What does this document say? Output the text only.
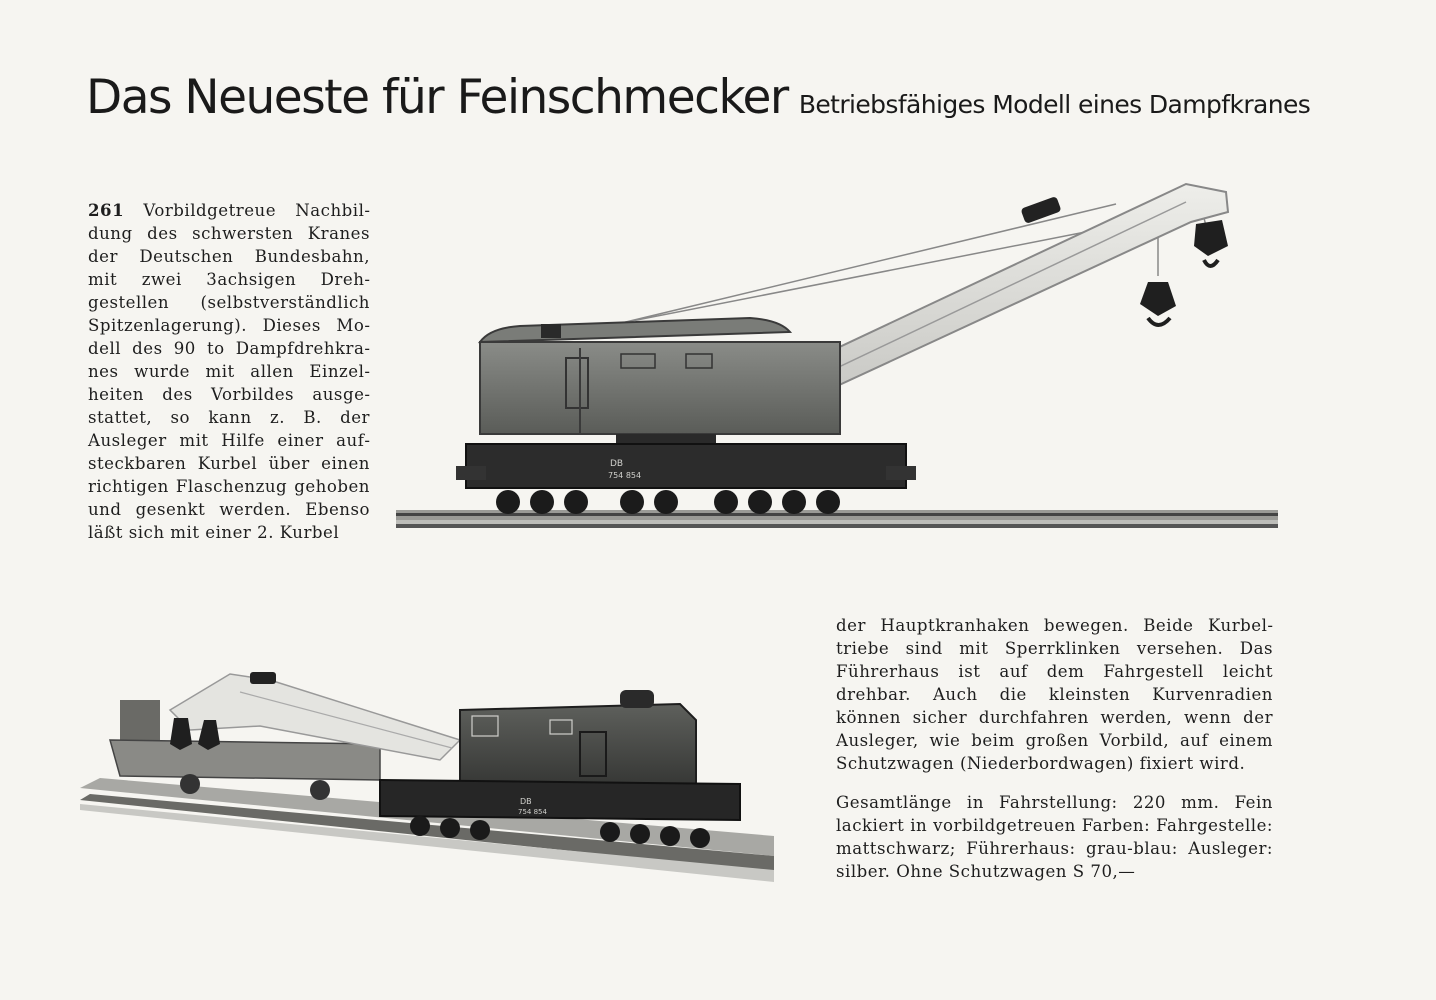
Das Neueste für Feinschmecker Betriebsfähiges Modell eines Dampfkranes

261 Vorbildgetreue Nachbildung des schwersten Kranes der Deutschen Bundesbahn, mit zwei 3achsigen Drehgestellen (selbstverständlich Spitzenlagerung). Dieses Modell des 90 to Dampfdrehkranes wurde mit allen Einzelheiten des Vorbildes ausgestattet, so kann z. B. der Ausleger mit Hilfe einer aufsteckbaren Kurbel über einen richtigen Flaschenzug gehoben und gesenkt werden. Ebenso läßt sich mit einer 2. Kurbel

DB
754 854
DB
754 854

der Hauptkranhaken bewegen. Beide Kurbeltriebe sind mit Sperrklinken versehen. Das Führerhaus ist auf dem Fahrgestell leicht drehbar. Auch die kleinsten Kurvenradien können sicher durchfahren werden, wenn der Ausleger, wie beim großen Vorbild, auf einem Schutzwagen (Niederbordwagen) fixiert wird.

Gesamtlänge in Fahrstellung: 220 mm. Fein lackiert in vorbildgetreuen Farben: Fahrgestelle: mattschwarz; Führerhaus: grau-blau: Ausleger: silber. Ohne Schutzwagen S 70,—
